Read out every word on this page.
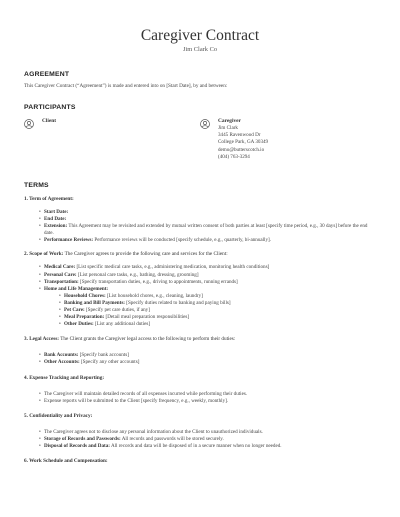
Caregiver Contract
Jim Clark Co
AGREEMENT
This Caregiver Contract (“Agreement”) is made and entered into on [Start Date], by and between:
PARTICIPANTS
Client	Caregiver
Jim Clark
3445 Ravenwood Dr
College Park, GA 30349
demo@butterscotch.io
(404) 763-3294
TERMS
1. Term of Agreement:
• Start Date:
• End Date:
• Extension: This Agreement may be revisited and extended by mutual written consent of both parties at least [specify time period, e.g., 30 days] before the end date.
• Performance Reviews: Performance reviews will be conducted [specify schedule, e.g., quarterly, bi-annually].
2. Scope of Work: The Caregiver agrees to provide the following care and services for the Client:
• Medical Care: [List specific medical care tasks, e.g., administering medication, monitoring health conditions]
• Personal Care: [List personal care tasks, e.g., bathing, dressing, grooming]
• Transportation: [Specify transportation duties, e.g., driving to appointments, running errands]
• Home and Life Management:
• Household Chores: [List household chores, e.g., cleaning, laundry]
• Banking and Bill Payments: [Specify duties related to banking and paying bills]
• Pet Care: [Specify pet care duties, if any]
• Meal Preparation: [Detail meal preparation responsibilities]
• Other Duties: [List any additional duties]
3. Legal Access: The Client grants the Caregiver legal access to the following to perform their duties:
• Bank Accounts: [Specify bank accounts]
• Other Accounts: [Specify any other accounts]
4. Expense Tracking and Reporting:
• The Caregiver will maintain detailed records of all expenses incurred while performing their duties.
• Expense reports will be submitted to the Client [specify frequency, e.g., weekly, monthly].
5. Confidentiality and Privacy:
• The Caregiver agrees not to disclose any personal information about the Client to unauthorized individuals.
• Storage of Records and Passwords: All records and passwords will be stored securely.
• Disposal of Records and Data: All records and data will be disposed of in a secure manner when no longer needed.
6. Work Schedule and Compensation:
